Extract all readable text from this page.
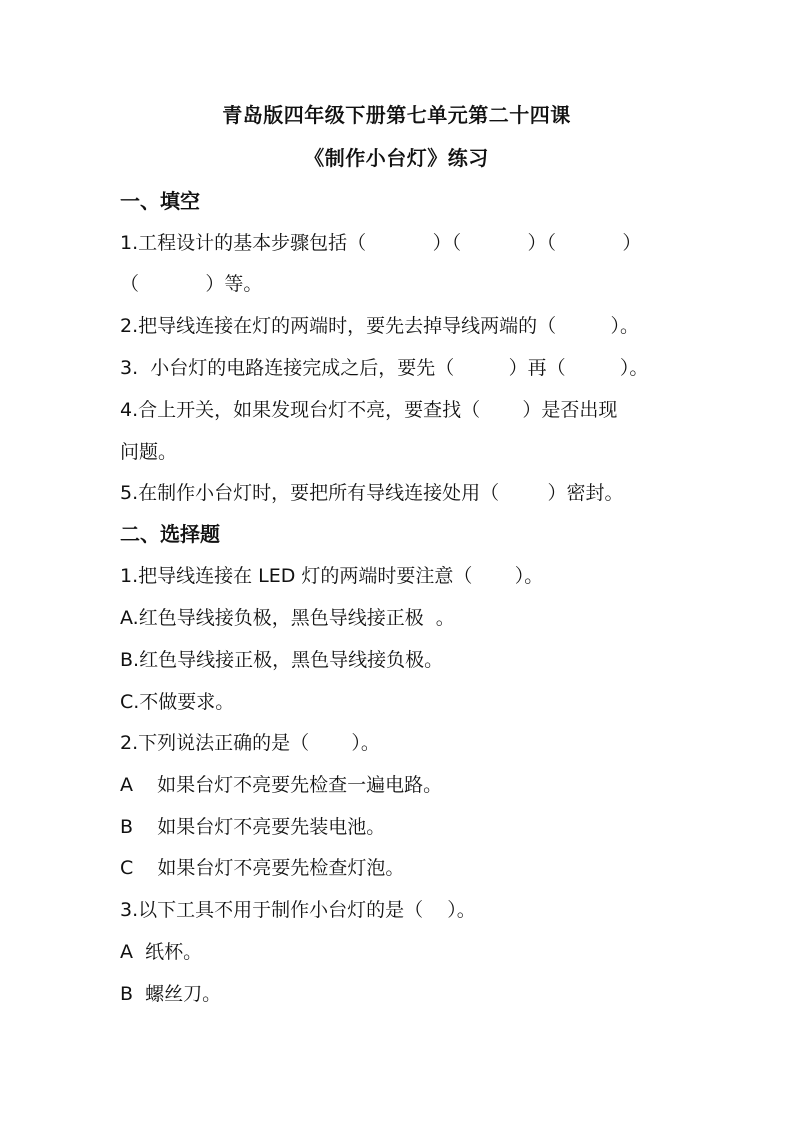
青岛版四年级下册第七单元第二十四课
《制作小台灯》练习
一、填空
1.工程设计的基本步骤包括（           ）（           ）（           ）
（           ）等。
2.把导线连接在灯的两端时，要先去掉导线两端的（         ）。
3.  小台灯的电路连接完成之后，要先（         ）再（         ）。
4.合上开关，如果发现台灯不亮，要查找（       ）是否出现
问题。
5.在制作小台灯时，要把所有导线连接处用（        ）密封。
二、选择题
1.把导线连接在 LED 灯的两端时要注意（       ）。
A.红色导线接负极，黑色导线接正极  。
B.红色导线接正极，黑色导线接负极。
C.不做要求。
2.下列说法正确的是（       ）。
A    如果台灯不亮要先检查一遍电路。
B    如果台灯不亮要先装电池。
C    如果台灯不亮要先检查灯泡。
3.以下工具不用于制作小台灯的是（    ）。
A  纸杯。
B  螺丝刀。
